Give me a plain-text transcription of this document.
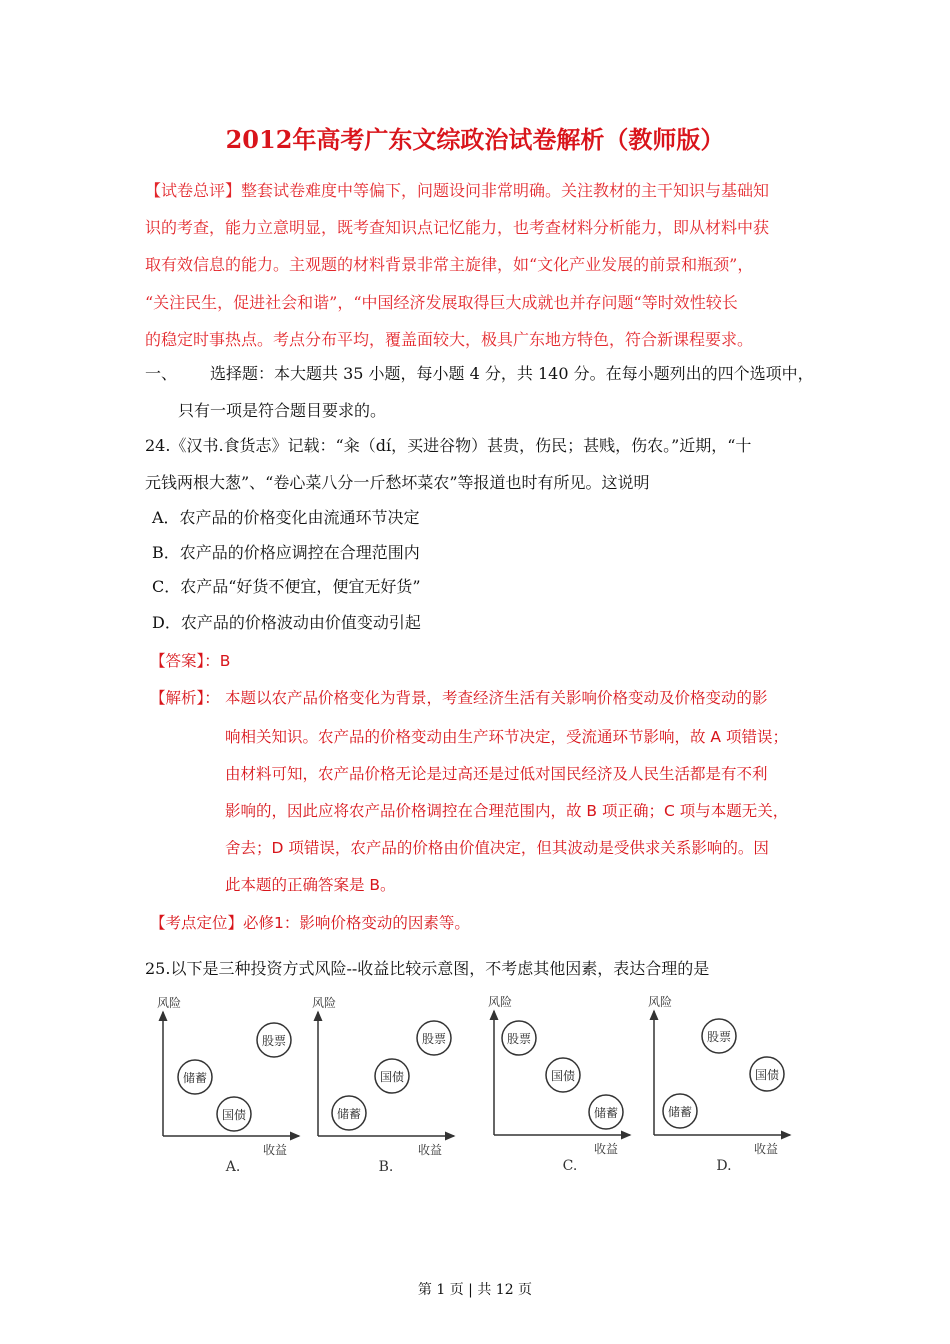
2012年高考广东文综政治试卷解析（教师版）
【试卷总评】整套试卷难度中等偏下，问题设问非常明确。关注教材的主干知识与基础知
识的考查，能力立意明显，既考查知识点记忆能力，也考查材料分析能力，即从材料中获
取有效信息的能力。主观题的材料背景非常主旋律，如“文化产业发展的前景和瓶颈”，
“关注民生，促进社会和谐”，“中国经济发展取得巨大成就也并存问题“等时效性较长
的稳定时事热点。考点分布平均，覆盖面较大，极具广东地方特色，符合新课程要求。
一、 选择题：本大题共 35 小题，每小题 4 分，共 140 分。在每小题列出的四个选项中，
只有一项是符合题目要求的。
24.《汉书.食货志》记载：“籴（dí，买进谷物）甚贵，伤民；甚贱，伤农。”近期，“十
元钱两根大葱”、“卷心菜八分一斤愁坏菜农”等报道也时有所见。这说明
A．农产品的价格变化由流通环节决定
B．农产品的价格应调控在合理范围内
C．农产品“好货不便宜，便宜无好货”
D．农产品的价格波动由价值变动引起
【答案】：B
【解析】： 本题以农产品价格变化为背景，考查经济生活有关影响价格变动及价格变动的影
响相关知识。农产品的价格变动由生产环节决定，受流通环节影响，故 A 项错误；
由材料可知，农产品价格无论是过高还是过低对国民经济及人民生活都是有不利
影响的，因此应将农产品价格调控在合理范围内，故 B 项正确；C 项与本题无关，
舍去；D 项错误，农产品的价格由价值决定，但其波动是受供求关系影响的。因
此本题的正确答案是 B。
【考点定位】必修1：影响价格变动的因素等。
25.以下是三种投资方式风险--收益比较示意图，不考虑其他因素，表达合理的是
风险
收益
A.
股票
储蓄
国债
风险
收益
B.
股票
国债
储蓄
风险
收益
C.
股票
国债
储蓄
风险
收益
D.
股票
国债
储蓄
第 1 页 | 共 12 页
